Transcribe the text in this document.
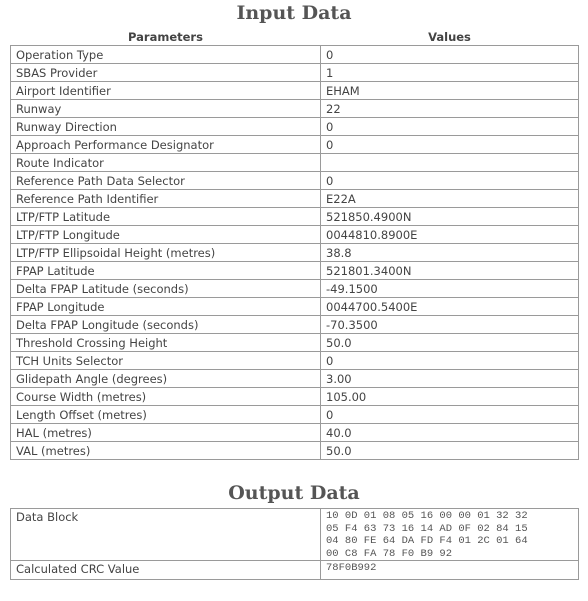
Input Data
Parameters	Values
Operation Type	0
SBAS Provider	1
Airport Identifier	EHAM
Runway	22
Runway Direction	0
Approach Performance Designator	0
Route Indicator	
Reference Path Data Selector	0
Reference Path Identifier	E22A
LTP/FTP Latitude	521850.4900N
LTP/FTP Longitude	0044810.8900E
LTP/FTP Ellipsoidal Height (metres)	38.8
FPAP Latitude	521801.3400N
Delta FPAP Latitude (seconds)	-49.1500
FPAP Longitude	0044700.5400E
Delta FPAP Longitude (seconds)	-70.3500
Threshold Crossing Height	50.0
TCH Units Selector	0
Glidepath Angle (degrees)	3.00
Course Width (metres)	105.00
Length Offset (metres)	0
HAL (metres)	40.0
VAL (metres)	50.0
Output Data
Data Block	10 0D 01 08 05 16 00 00 01 32 32
05 F4 63 73 16 14 AD 0F 02 84 15
04 80 FE 64 DA FD F4 01 2C 01 64
00 C8 FA 78 F0 B9 92
Calculated CRC Value	78F0B992
